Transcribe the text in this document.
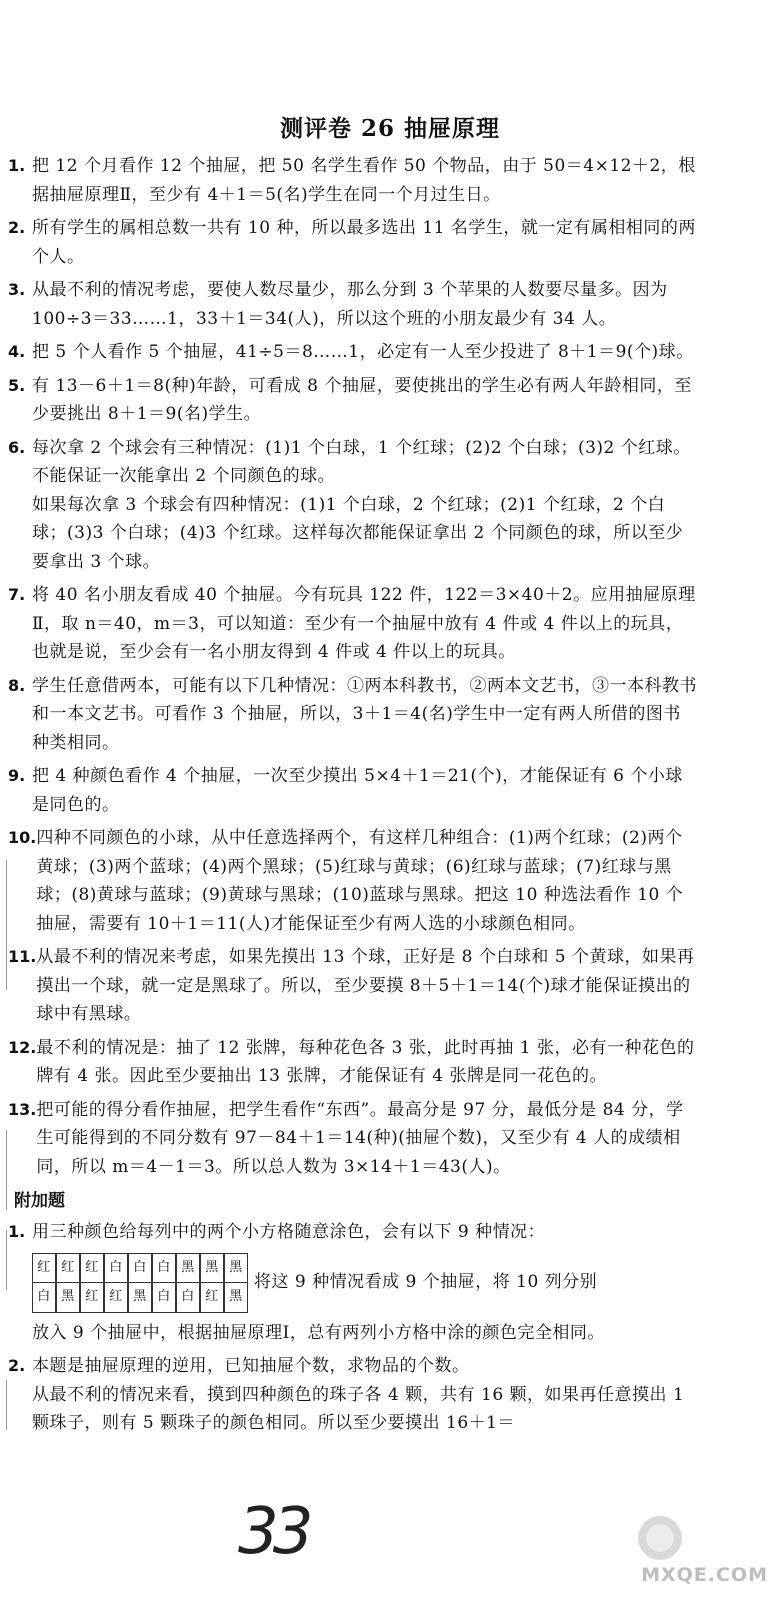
测评卷 26 抽屉原理
1. 把 12 个月看作 12 个抽屉，把 50 名学生看作 50 个物品，由于 50＝4×12＋2，根据抽屉原理Ⅱ，至少有 4＋1＝5(名)学生在同一个月过生日。

2. 所有学生的属相总数一共有 10 种，所以最多选出 11 名学生，就一定有属相相同的两个人。

3. 从最不利的情况考虑，要使人数尽量少，那么分到 3 个苹果的人数要尽量多。因为 100÷3＝33……1，33＋1＝34(人)，所以这个班的小朋友最少有 34 人。

4. 把 5 个人看作 5 个抽屉，41÷5＝8……1，必定有一人至少投进了 8＋1＝9(个)球。

5. 有 13－6＋1＝8(种)年龄，可看成 8 个抽屉，要使挑出的学生必有两人年龄相同，至少要挑出 8＋1＝9(名)学生。

6. 每次拿 2 个球会有三种情况：(1)1 个白球，1 个红球；(2)2 个白球；(3)2 个红球。不能保证一次能拿出 2 个同颜色的球。

如果每次拿 3 个球会有四种情况：(1)1 个白球，2 个红球；(2)1 个红球，2 个白球；(3)3 个白球；(4)3 个红球。这样每次都能保证拿出 2 个同颜色的球，所以至少要拿出 3 个球。

7. 将 40 名小朋友看成 40 个抽屉。今有玩具 122 件，122＝3×40＋2。应用抽屉原理Ⅱ，取 n＝40，m＝3，可以知道：至少有一个抽屉中放有 4 件或 4 件以上的玩具，也就是说，至少会有一名小朋友得到 4 件或 4 件以上的玩具。

8. 学生任意借两本，可能有以下几种情况：①两本科教书，②两本文艺书，③一本科教书和一本文艺书。可看作 3 个抽屉，所以，3＋1＝4(名)学生中一定有两人所借的图书种类相同。

9. 把 4 种颜色看作 4 个抽屉，一次至少摸出 5×4＋1＝21(个)，才能保证有 6 个小球是同色的。

10. 四种不同颜色的小球，从中任意选择两个，有这样几种组合：(1)两个红球；(2)两个黄球；(3)两个蓝球；(4)两个黑球；(5)红球与黄球；(6)红球与蓝球；(7)红球与黑球；(8)黄球与蓝球；(9)黄球与黑球；(10)蓝球与黑球。把这 10 种选法看作 10 个抽屉，需要有 10＋1＝11(人)才能保证至少有两人选的小球颜色相同。

11. 从最不利的情况来考虑，如果先摸出 13 个球，正好是 8 个白球和 5 个黄球，如果再摸出一个球，就一定是黑球了。所以，至少要摸 8＋5＋1＝14(个)球才能保证摸出的球中有黑球。

12. 最不利的情况是：抽了 12 张牌，每种花色各 3 张，此时再抽 1 张，必有一种花色的牌有 4 张。因此至少要抽出 13 张牌，才能保证有 4 张牌是同一花色的。

13. 把可能的得分看作抽屉，把学生看作“东西”。最高分是 97 分，最低分是 84 分，学生可能得到的不同分数有 97－84＋1＝14(种)(抽屉个数)，又至少有 4 人的成绩相同，所以 m＝4－1＝3。所以总人数为 3×14＋1＝43(人)。

附加题
1. 用三种颜色给每列中的两个小方格随意涂色，会有以下 9 种情况：

红	红	红	白	白	白	黑	黑	黑
白	黑	红	红	黑	白	白	红	黑
将这 9 种情况看成 9 个抽屉，将 10 列分别

放入 9 个抽屉中，根据抽屉原理Ⅰ，总有两列小方格中涂的颜色完全相同。

2. 本题是抽屉原理的逆用，已知抽屉个数，求物品的个数。

从最不利的情况来看，摸到四种颜色的珠子各 4 颗，共有 16 颗，如果再任意摸出 1 颗珠子，则有 5 颗珠子的颜色相同。所以至少要摸出 16＋1＝

33
MXQE.COM
